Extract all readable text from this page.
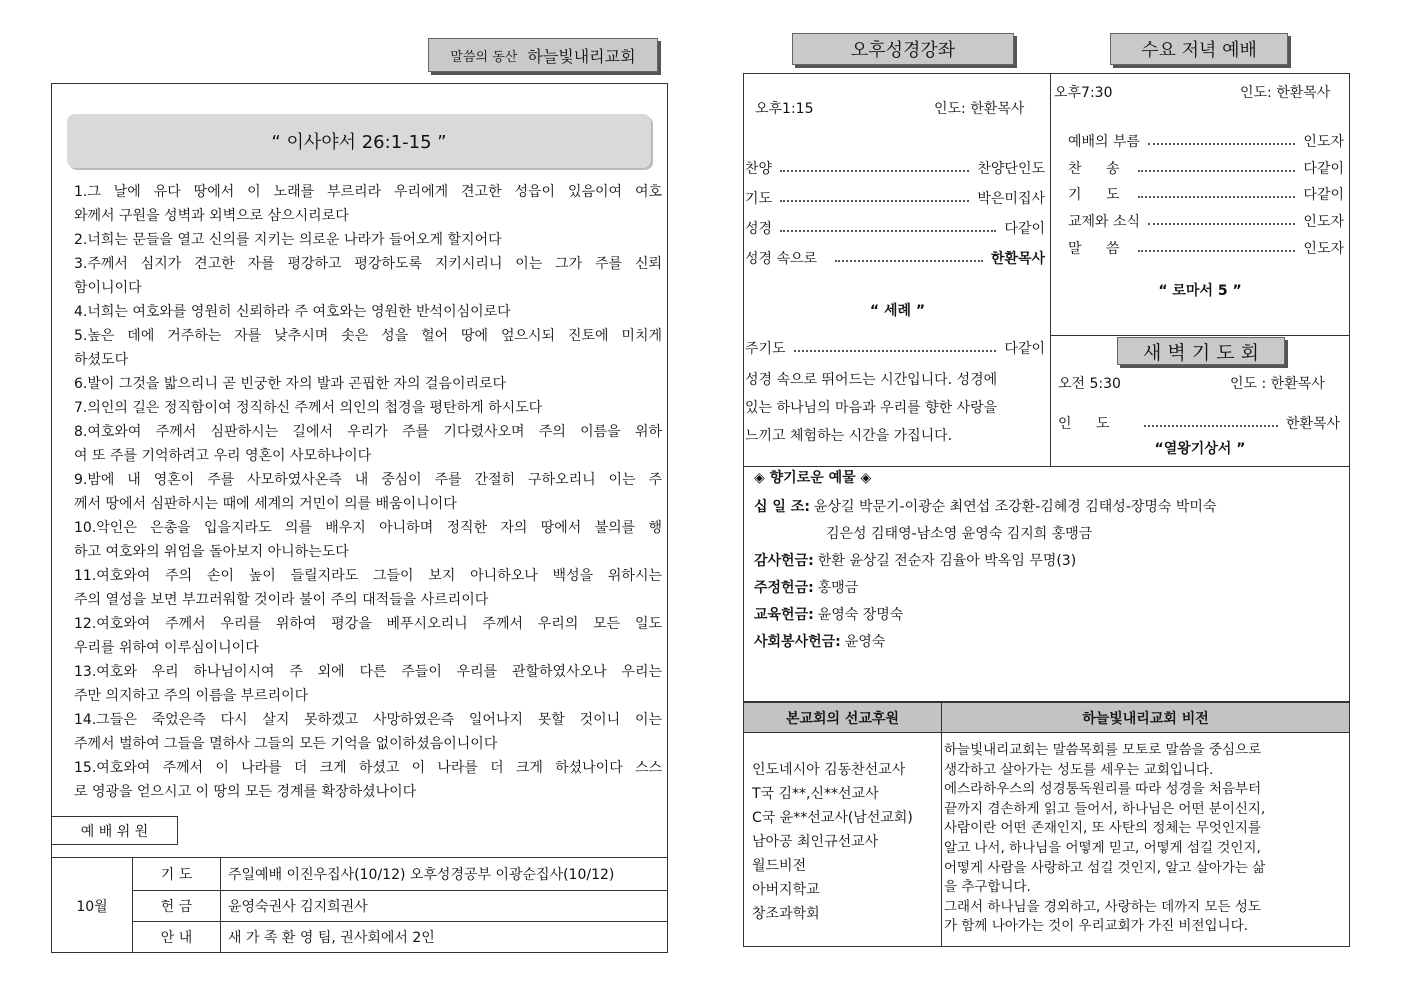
말씀의 동산 하늘빛내리교회
“ 이사야서 26:1-15 ”
1.그 날에 유다 땅에서 이 노래를 부르리라 우리에게 견고한 성읍이 있음이여 여호
와께서 구원을 성벽과 외벽으로 삼으시리로다
2.너희는 문들을 열고 신의를 지키는 의로운 나라가 들어오게 할지어다
3.주께서 심지가 견고한 자를 평강하고 평강하도록 지키시리니 이는 그가 주를 신뢰
함이니이다
4.너희는 여호와를 영원히 신뢰하라 주 여호와는 영원한 반석이심이로다
5.높은 데에 거주하는 자를 낮추시며 솟은 성을 헐어 땅에 엎으시되 진토에 미치게
하셨도다
6.발이 그것을 밟으리니 곧 빈궁한 자의 발과 곤핍한 자의 걸음이리로다
7.의인의 길은 정직함이여 정직하신 주께서 의인의 첩경을 평탄하게 하시도다
8.여호와여 주께서 심판하시는 길에서 우리가 주를 기다렸사오며 주의 이름을 위하
여 또 주를 기억하려고 우리 영혼이 사모하나이다
9.밤에 내 영혼이 주를 사모하였사온즉 내 중심이 주를 간절히 구하오리니 이는 주
께서 땅에서 심판하시는 때에 세계의 거민이 의를 배움이니이다
10.악인은 은총을 입을지라도 의를 배우지 아니하며 정직한 자의 땅에서 불의를 행
하고 여호와의 위엄을 돌아보지 아니하는도다
11.여호와여 주의 손이 높이 들릴지라도 그들이 보지 아니하오나 백성을 위하시는
주의 열성을 보면 부끄러워할 것이라 불이 주의 대적들을 사르리이다
12.여호와여 주께서 우리를 위하여 평강을 베푸시오리니 주께서 우리의 모든 일도
우리를 위하여 이루심이니이다
13.여호와 우리 하나님이시여 주 외에 다른 주들이 우리를 관할하였사오나 우리는
주만 의지하고 주의 이름을 부르리이다
14.그들은 죽었은즉 다시 살지 못하겠고 사망하였은즉 일어나지 못할 것이니 이는
주께서 벌하여 그들을 멸하사 그들의 모든 기억을 없이하셨음이니이다
15.여호와여 주께서 이 나라를 더 크게 하셨고 이 나라를 더 크게 하셨나이다 스스
로 영광을 얻으시고 이 땅의 모든 경계를 확장하셨나이다
예 배 위 원
10월
기 도	주일예배 이진우집사(10/12) 오후성경공부 이광순집사(10/12)
헌 금	윤영숙권사 김지희권사
안 내	새 가 족 환 영 팀, 권사회에서 2인
오후성경강좌	수요 저녁 예배
오후1:15	인도: 한환목사
찬양	찬양단인도
기도	박은미집사
성경	다같이
성경 속으로	한환목사
“ 세례 ”
주기도	다같이
성경 속으로 뛰어드는 시간입니다. 성경에
있는 하나님의 마음과 우리를 향한 사랑을
느끼고 체험하는 시간을 가집니다.
오후7:30	인도: 한환목사
예배의 부름	인도자
찬 송	다같이
기 도	다같이
교제와 소식	인도자
말 씀	인도자
“ 로마서 5 ”
새 벽 기 도 회
오전 5:30	인도 : 한환목사
인 도	한환목사
“열왕기상서 ”
◈ 향기로운 예물 ◈
십 일 조: 윤상길 박문기-이광순 최연섭 조강환-김혜경 김태성-장명숙 박미숙
김은성 김태영-남소영 윤영숙 김지희 홍맹금
감사헌금: 한환 윤상길 전순자 김율아 박옥임 무명(3)
주정헌금: 홍맹금
교육헌금: 윤영숙 장명숙
사회봉사헌금: 윤영숙
본교회의 선교후원	하늘빛내리교회 비전
인도네시아 김동찬선교사
T국 김**,신**선교사
C국 윤**선교사(남선교회)
남아공 최인규선교사
월드비전
아버지학교
창조과학회
하늘빛내리교회는 말씀목회를 모토로 말씀을 중심으로
생각하고 살아가는 성도를 세우는 교회입니다.
에스라하우스의 성경통독원리를 따라 성경을 처음부터
끝까지 겸손하게 읽고 들어서, 하나님은 어떤 분이신지,
사람이란 어떤 존재인지, 또 사탄의 정체는 무엇인지를
알고 나서, 하나님을 어떻게 믿고, 어떻게 섬길 것인지,
어떻게 사람을 사랑하고 섬길 것인지, 알고 살아가는 삶
을 추구합니다.
그래서 하나님을 경외하고, 사랑하는 데까지 모든 성도
가 함께 나아가는 것이 우리교회가 가진 비전입니다.
